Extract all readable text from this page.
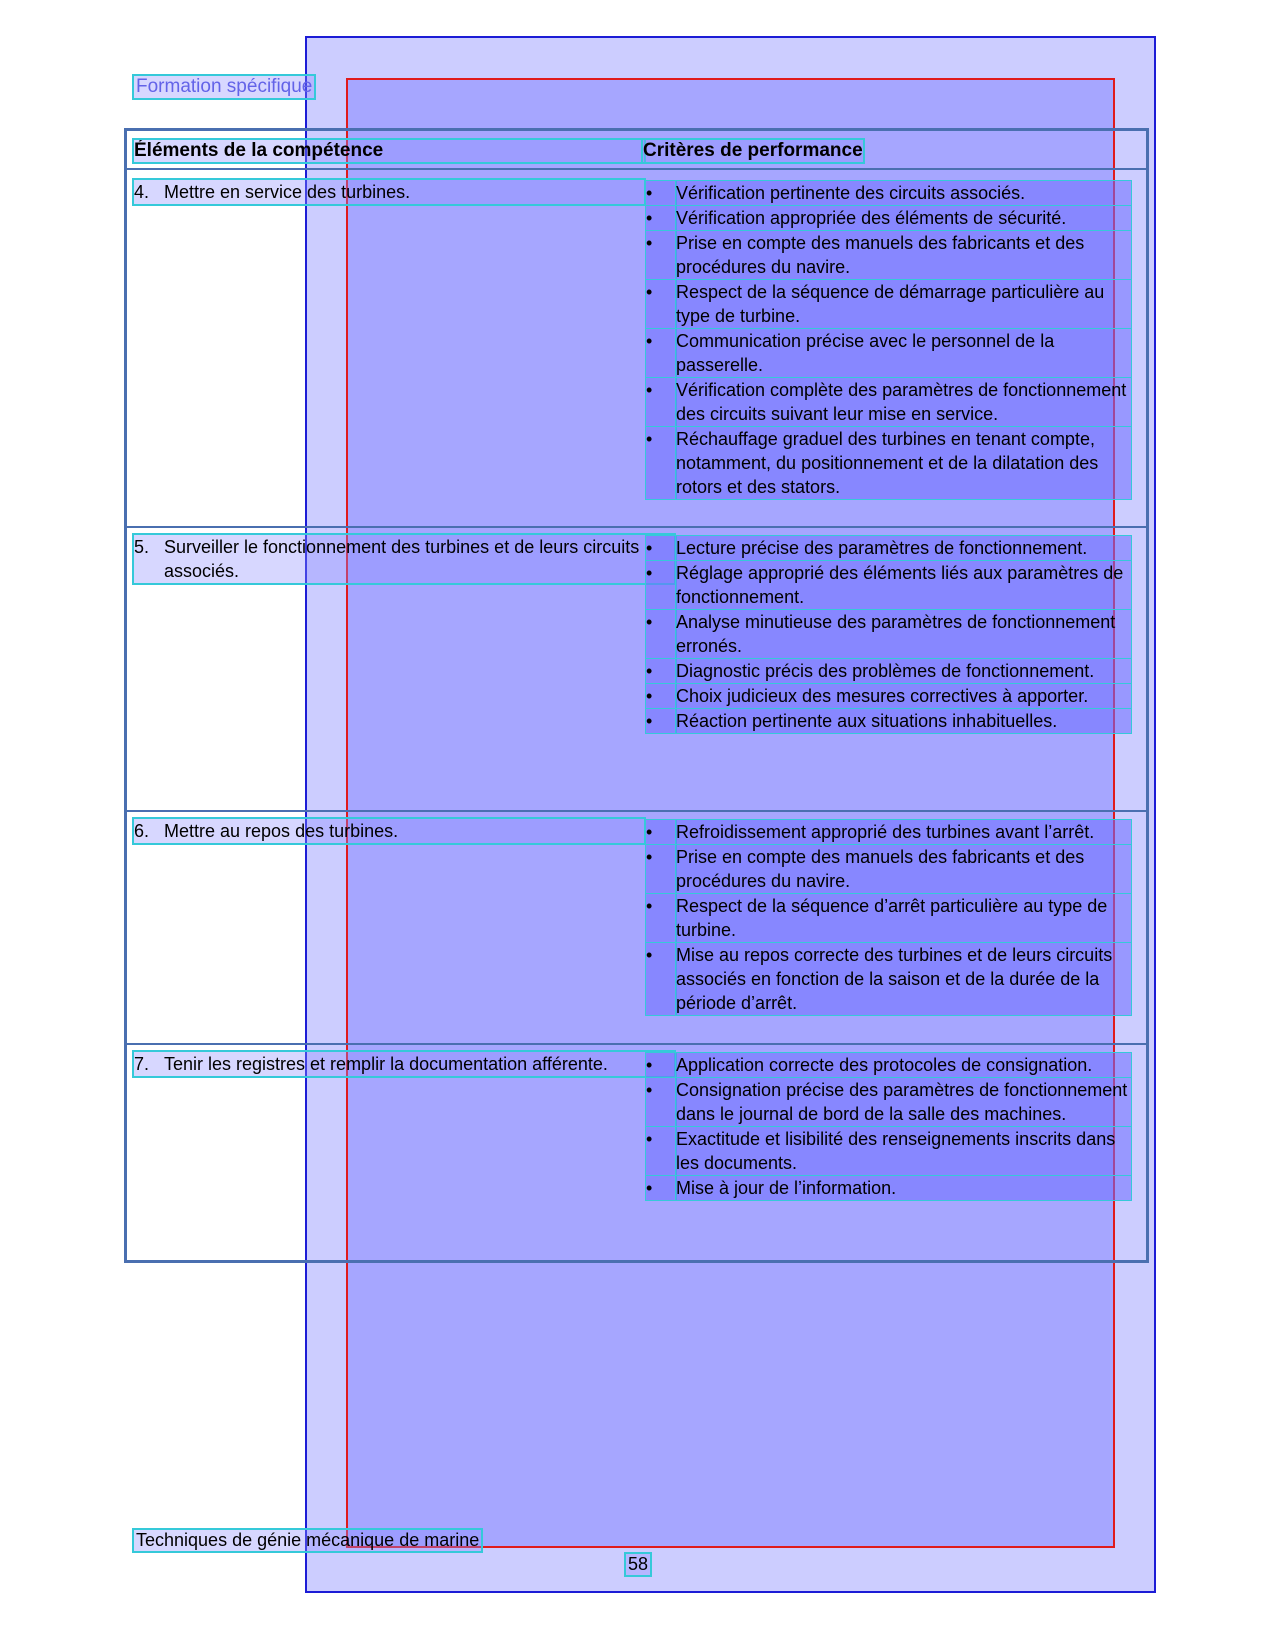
Formation spécifique
Éléments de la compétence	Critères de performance
4. Mettre en service des turbines.	•	Vérification pertinente des circuits associés.
•	Vérification appropriée des éléments de sécurité.
•	Prise en compte des manuels des fabricants et des procédures du navire.
•	Respect de la séquence de démarrage particulière au type de turbine.
•	Communication précise avec le personnel de la passerelle.
•	Vérification complète des paramètres de fonctionnement des circuits suivant leur mise en service.
•	Réchauffage graduel des turbines en tenant compte, notamment, du positionnement et de la dilatation des rotors et des stators.
5. Surveiller le fonctionnement des turbines et de leurs circuits associés.
•	Lecture précise des paramètres de fonctionnement.
•	Réglage approprié des éléments liés aux paramètres de fonctionnement.
•	Analyse minutieuse des paramètres de fonctionnement erronés.
•	Diagnostic précis des problèmes de fonctionnement.
•	Choix judicieux des mesures correctives à apporter.
•	Réaction pertinente aux situations inhabituelles.
6. Mettre au repos des turbines.	•	Refroidissement approprié des turbines avant l’arrêt.
•	Prise en compte des manuels des fabricants et des procédures du navire.
•	Respect de la séquence d’arrêt particulière au type de turbine.
•	Mise au repos correcte des turbines et de leurs circuits associés en fonction de la saison et de la durée de la période d’arrêt.
7. Tenir les registres et remplir la documentation afférente.	•	Application correcte des protocoles de consignation.
•	Consignation précise des paramètres de fonctionnement dans le journal de bord de la salle des machines.
•	Exactitude et lisibilité des renseignements inscrits dans les documents.
•	Mise à jour de l’information.
Techniques de génie mécanique de marine
58
